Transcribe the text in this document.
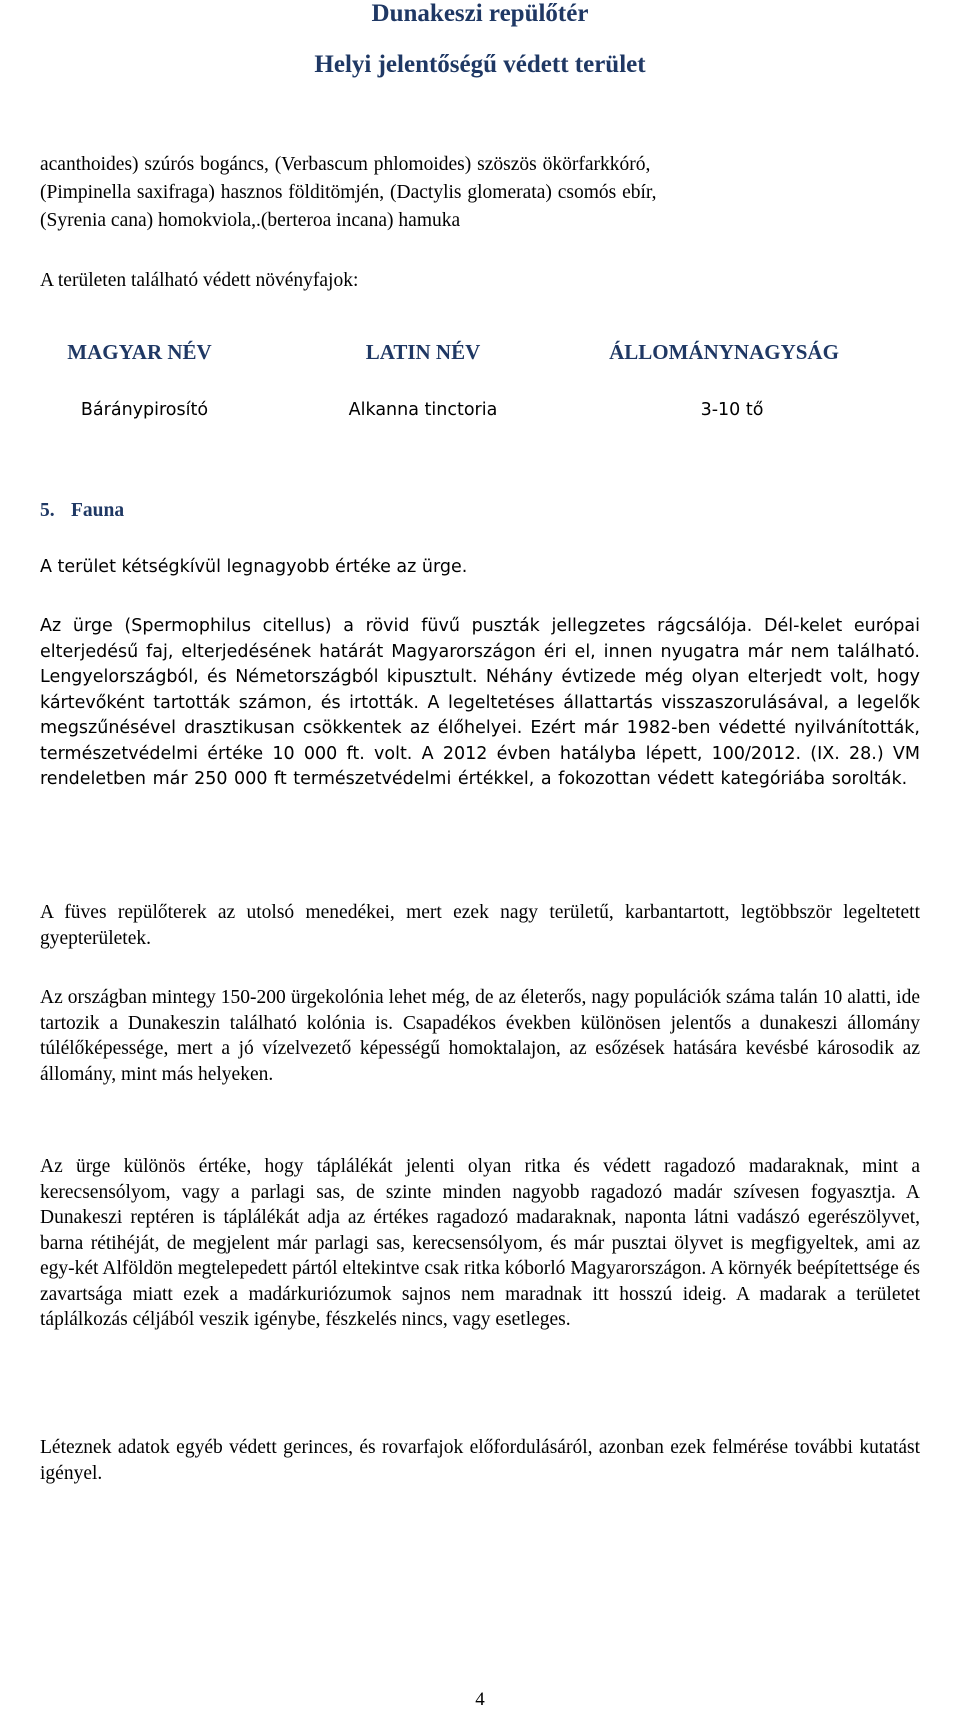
Dunakeszi repülőtér
Helyi jelentőségű védett terület
acanthoides) szúrós bogáncs, (Verbascum phlomoides) szöszös ökörfarkkóró,
(Pimpinella saxifraga) hasznos földitömjén, (Dactylis glomerata) csomós ebír,
(Syrenia cana) homokviola,.(berteroa incana) hamuka
A területen található védett növényfajok:
MAGYAR NÉV	LATIN NÉV	ÁLLOMÁNYNAGYSÁG
Báránypirosító	Alkanna tinctoria	3-10 tő
5. Fauna
A terület kétségkívül legnagyobb értéke az ürge.
Az ürge (Spermophilus citellus) a rövid füvű puszták jellegzetes rágcsálója. Dél-kelet európai elterjedésű faj, elterjedésének határát Magyarországon éri el, innen nyugatra már nem található. Lengyelországból, és Németországból kipusztult. Néhány évtizede még olyan elterjedt volt, hogy kártevőként tartották számon, és irtották. A legeltetéses állattartás visszaszorulásával, a legelők megszűnésével drasztikusan csökkentek az élőhelyei. Ezért már 1982-ben védetté nyilvánították, természetvédelmi értéke 10 000 ft. volt. A 2012 évben hatályba lépett, 100/2012. (IX. 28.) VM rendeletben már 250 000 ft természetvédelmi értékkel, a fokozottan védett kategóriába sorolták.
A füves repülőterek az utolsó menedékei, mert ezek nagy területű, karbantartott, legtöbbször legeltetett gyepterületek.
Az országban mintegy 150-200 ürgekolónia lehet még, de az életerős, nagy populációk száma talán 10 alatti, ide tartozik a Dunakeszin található kolónia is. Csapadékos években különösen jelentős a dunakeszi állomány túlélőképessége, mert a jó vízelvezető képességű homoktalajon, az esőzések hatására kevésbé károsodik az állomány, mint más helyeken.
Az ürge különös értéke, hogy táplálékát jelenti olyan ritka és védett ragadozó madaraknak, mint a kerecsensólyom, vagy a parlagi sas, de szinte minden nagyobb ragadozó madár szívesen fogyasztja. A Dunakeszi reptéren is táplálékát adja az értékes ragadozó madaraknak, naponta látni vadászó egerészölyvet, barna rétihéját, de megjelent már parlagi sas, kerecsensólyom, és már pusztai ölyvet is megfigyeltek, ami az egy-két Alföldön megtelepedett pártól eltekintve csak ritka kóborló Magyarországon. A környék beépítettsége és zavartsága miatt ezek a madárkuriózumok sajnos nem maradnak itt hosszú ideig. A madarak a területet táplálkozás céljából veszik igénybe, fészkelés nincs, vagy esetleges.
Léteznek adatok egyéb védett gerinces, és rovarfajok előfordulásáról, azonban ezek felmérése további kutatást igényel.
4
